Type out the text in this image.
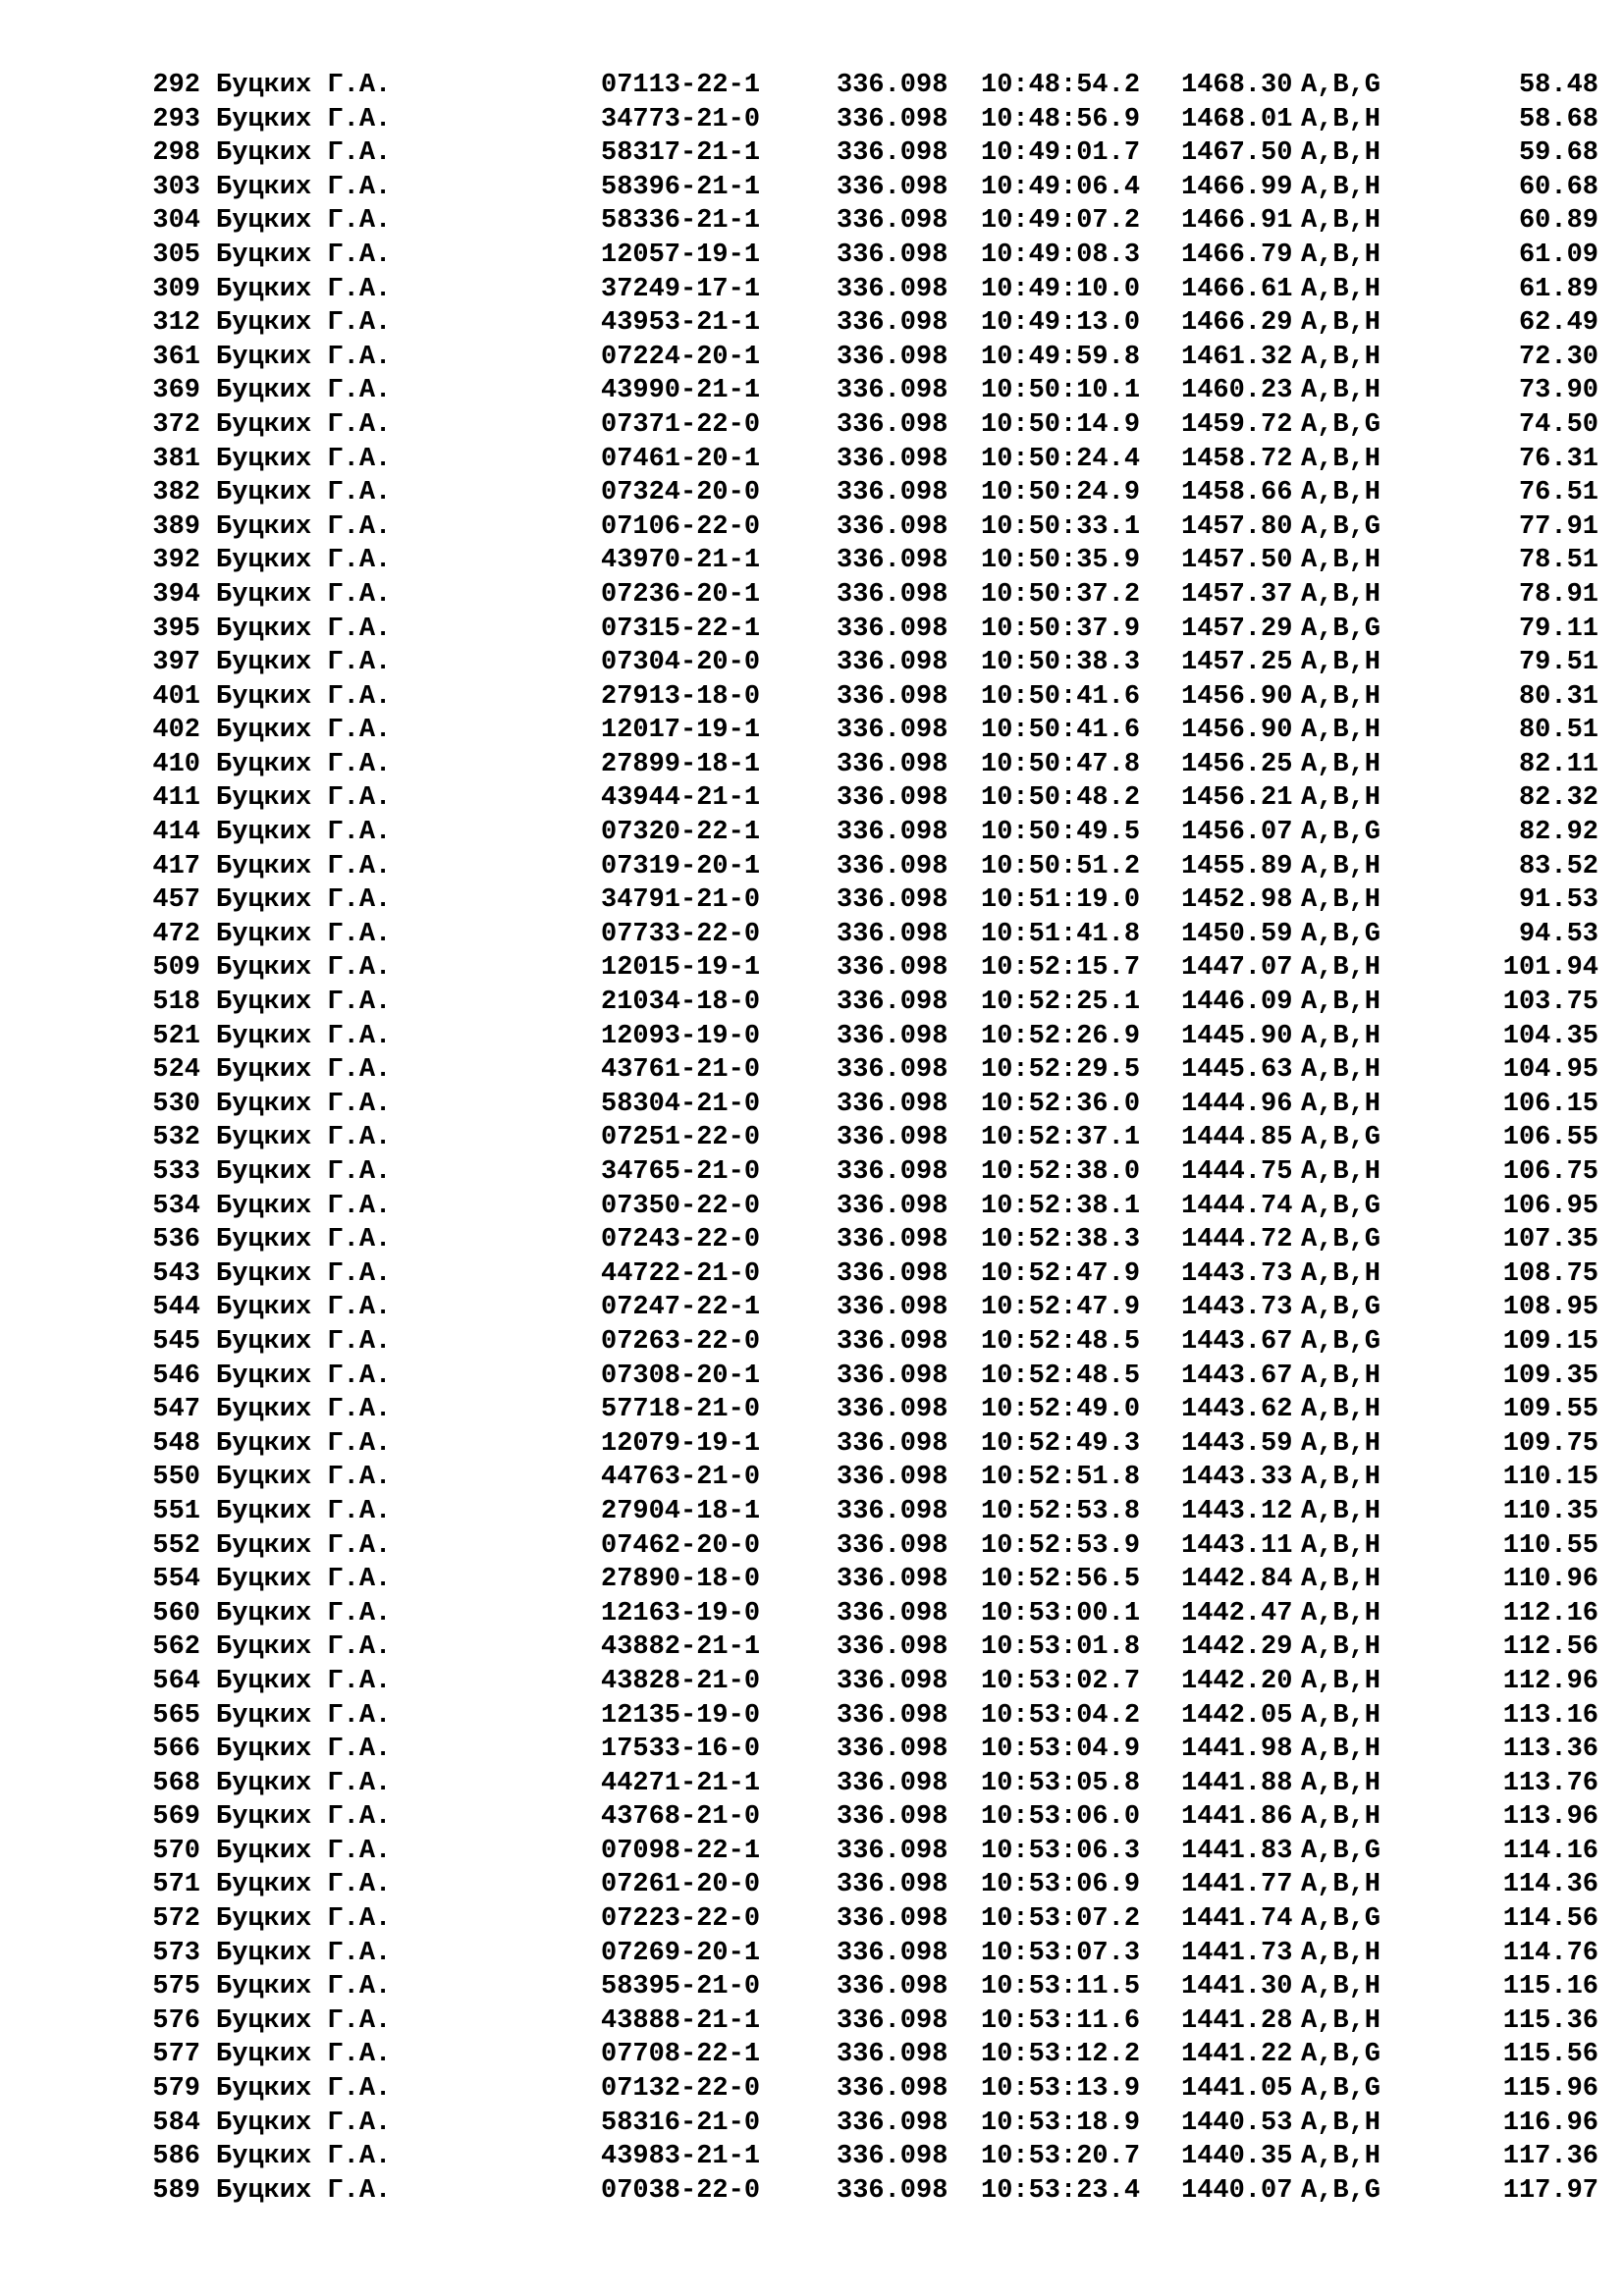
292 Буцких Г.А.	07113-22-1	336.098 10:48:54.2 1468.30 A,B,G	58.48
293 Буцких Г.А.	34773-21-0	336.098 10:48:56.9 1468.01 A,B,H	58.68
298 Буцких Г.А.	58317-21-1	336.098 10:49:01.7 1467.50 A,B,H	59.68
303 Буцких Г.А.	58396-21-1	336.098 10:49:06.4 1466.99 A,B,H	60.68
304 Буцких Г.А.	58336-21-1	336.098 10:49:07.2 1466.91 A,B,H	60.89
305 Буцких Г.А.	12057-19-1	336.098 10:49:08.3 1466.79 A,B,H	61.09
309 Буцких Г.А.	37249-17-1	336.098 10:49:10.0 1466.61 A,B,H	61.89
312 Буцких Г.А.	43953-21-1	336.098 10:49:13.0 1466.29 A,B,H	62.49
361 Буцких Г.А.	07224-20-1	336.098 10:49:59.8 1461.32 A,B,H	72.30
369 Буцких Г.А.	43990-21-1	336.098 10:50:10.1 1460.23 A,B,H	73.90
372 Буцких Г.А.	07371-22-0	336.098 10:50:14.9 1459.72 A,B,G	74.50
381 Буцких Г.А.	07461-20-1	336.098 10:50:24.4 1458.72 A,B,H	76.31
382 Буцких Г.А.	07324-20-0	336.098 10:50:24.9 1458.66 A,B,H	76.51
389 Буцких Г.А.	07106-22-0	336.098 10:50:33.1 1457.80 A,B,G	77.91
392 Буцких Г.А.	43970-21-1	336.098 10:50:35.9 1457.50 A,B,H	78.51
394 Буцких Г.А.	07236-20-1	336.098 10:50:37.2 1457.37 A,B,H	78.91
395 Буцких Г.А.	07315-22-1	336.098 10:50:37.9 1457.29 A,B,G	79.11
397 Буцких Г.А.	07304-20-0	336.098 10:50:38.3 1457.25 A,B,H	79.51
401 Буцких Г.А.	27913-18-0	336.098 10:50:41.6 1456.90 A,B,H	80.31
402 Буцких Г.А.	12017-19-1	336.098 10:50:41.6 1456.90 A,B,H	80.51
410 Буцких Г.А.	27899-18-1	336.098 10:50:47.8 1456.25 A,B,H	82.11
411 Буцких Г.А.	43944-21-1	336.098 10:50:48.2 1456.21 A,B,H	82.32
414 Буцких Г.А.	07320-22-1	336.098 10:50:49.5 1456.07 A,B,G	82.92
417 Буцких Г.А.	07319-20-1	336.098 10:50:51.2 1455.89 A,B,H	83.52
457 Буцких Г.А.	34791-21-0	336.098 10:51:19.0 1452.98 A,B,H	91.53
472 Буцких Г.А.	07733-22-0	336.098 10:51:41.8 1450.59 A,B,G	94.53
509 Буцких Г.А.	12015-19-1	336.098 10:52:15.7 1447.07 A,B,H	101.94
518 Буцких Г.А.	21034-18-0	336.098 10:52:25.1 1446.09 A,B,H	103.75
521 Буцких Г.А.	12093-19-0	336.098 10:52:26.9 1445.90 A,B,H	104.35
524 Буцких Г.А.	43761-21-0	336.098 10:52:29.5 1445.63 A,B,H	104.95
530 Буцких Г.А.	58304-21-0	336.098 10:52:36.0 1444.96 A,B,H	106.15
532 Буцких Г.А.	07251-22-0	336.098 10:52:37.1 1444.85 A,B,G	106.55
533 Буцких Г.А.	34765-21-0	336.098 10:52:38.0 1444.75 A,B,H	106.75
534 Буцких Г.А.	07350-22-0	336.098 10:52:38.1 1444.74 A,B,G	106.95
536 Буцких Г.А.	07243-22-0	336.098 10:52:38.3 1444.72 A,B,G	107.35
543 Буцких Г.А.	44722-21-0	336.098 10:52:47.9 1443.73 A,B,H	108.75
544 Буцких Г.А.	07247-22-1	336.098 10:52:47.9 1443.73 A,B,G	108.95
545 Буцких Г.А.	07263-22-0	336.098 10:52:48.5 1443.67 A,B,G	109.15
546 Буцких Г.А.	07308-20-1	336.098 10:52:48.5 1443.67 A,B,H	109.35
547 Буцких Г.А.	57718-21-0	336.098 10:52:49.0 1443.62 A,B,H	109.55
548 Буцких Г.А.	12079-19-1	336.098 10:52:49.3 1443.59 A,B,H	109.75
550 Буцких Г.А.	44763-21-0	336.098 10:52:51.8 1443.33 A,B,H	110.15
551 Буцких Г.А.	27904-18-1	336.098 10:52:53.8 1443.12 A,B,H	110.35
552 Буцких Г.А.	07462-20-0	336.098 10:52:53.9 1443.11 A,B,H	110.55
554 Буцких Г.А.	27890-18-0	336.098 10:52:56.5 1442.84 A,B,H	110.96
560 Буцких Г.А.	12163-19-0	336.098 10:53:00.1 1442.47 A,B,H	112.16
562 Буцких Г.А.	43882-21-1	336.098 10:53:01.8 1442.29 A,B,H	112.56
564 Буцких Г.А.	43828-21-0	336.098 10:53:02.7 1442.20 A,B,H	112.96
565 Буцких Г.А.	12135-19-0	336.098 10:53:04.2 1442.05 A,B,H	113.16
566 Буцких Г.А.	17533-16-0	336.098 10:53:04.9 1441.98 A,B,H	113.36
568 Буцких Г.А.	44271-21-1	336.098 10:53:05.8 1441.88 A,B,H	113.76
569 Буцких Г.А.	43768-21-0	336.098 10:53:06.0 1441.86 A,B,H	113.96
570 Буцких Г.А.	07098-22-1	336.098 10:53:06.3 1441.83 A,B,G	114.16
571 Буцких Г.А.	07261-20-0	336.098 10:53:06.9 1441.77 A,B,H	114.36
572 Буцких Г.А.	07223-22-0	336.098 10:53:07.2 1441.74 A,B,G	114.56
573 Буцких Г.А.	07269-20-1	336.098 10:53:07.3 1441.73 A,B,H	114.76
575 Буцких Г.А.	58395-21-0	336.098 10:53:11.5 1441.30 A,B,H	115.16
576 Буцких Г.А.	43888-21-1	336.098 10:53:11.6 1441.28 A,B,H	115.36
577 Буцких Г.А.	07708-22-1	336.098 10:53:12.2 1441.22 A,B,G	115.56
579 Буцких Г.А.	07132-22-0	336.098 10:53:13.9 1441.05 A,B,G	115.96
584 Буцких Г.А.	58316-21-0	336.098 10:53:18.9 1440.53 A,B,H	116.96
586 Буцких Г.А.	43983-21-1	336.098 10:53:20.7 1440.35 A,B,H	117.36
589 Буцких Г.А.	07038-22-0	336.098 10:53:23.4 1440.07 A,B,G	117.97
